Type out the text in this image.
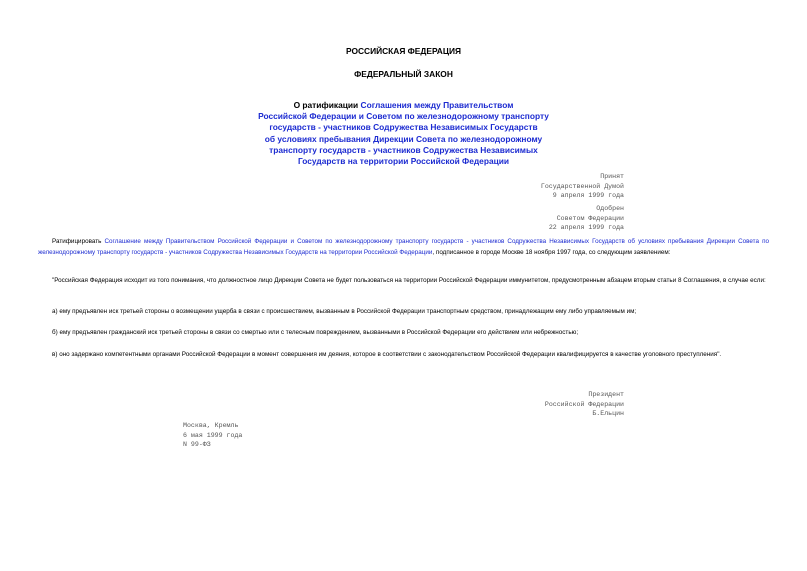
РОССИЙСКАЯ ФЕДЕРАЦИЯ
ФЕДЕРАЛЬНЫЙ ЗАКОН
О ратификации Соглашения между Правительством
Российской Федерации и Советом по железнодорожному транспорту
государств - участников Содружества Независимых Государств
об условиях пребывания Дирекции Совета по железнодорожному
транспорту государств - участников Содружества Независимых
Государств на территории Российской Федерации
Принят
Государственной Думой
9 апреля 1999 года
Одобрен
Советом Федерации
22 апреля 1999 года

Ратифицировать Соглашение между Правительством Российской Федерации и Советом по железнодорожному транспорту государств - участников Содружества Независимых Государств об условиях пребывания Дирекции Совета по железнодорожному транспорту государств - участников Содружества Независимых Государств на территории Российской Федерации, подписанное в городе Москве 18 ноября 1997 года, со следующим заявлением:

"Российская Федерация исходит из того понимания, что должностное лицо Дирекции Совета не будет пользоваться на территории Российской Федерации иммунитетом, предусмотренным абзацем вторым статьи 8 Соглашения, в случае если:

а) ему предъявлен иск третьей стороны о возмещении ущерба в связи с происшествием, вызванным в Российской Федерации транспортным средством, принадлежащим ему либо управляемым им;

б) ему предъявлен гражданский иск третьей стороны в связи со смертью или с телесным повреждением, вызванными в Российской Федерации его действием или небрежностью;

в) оно задержано компетентными органами Российской Федерации в момент совершения им деяния, которое в соответствии с законодательством Российской Федерации квалифицируется в качестве уголовного преступления".

Президент
Российской Федерации
Б.Ельцин
Москва, Кремль
6 мая 1999 года
N 99-ФЗ
